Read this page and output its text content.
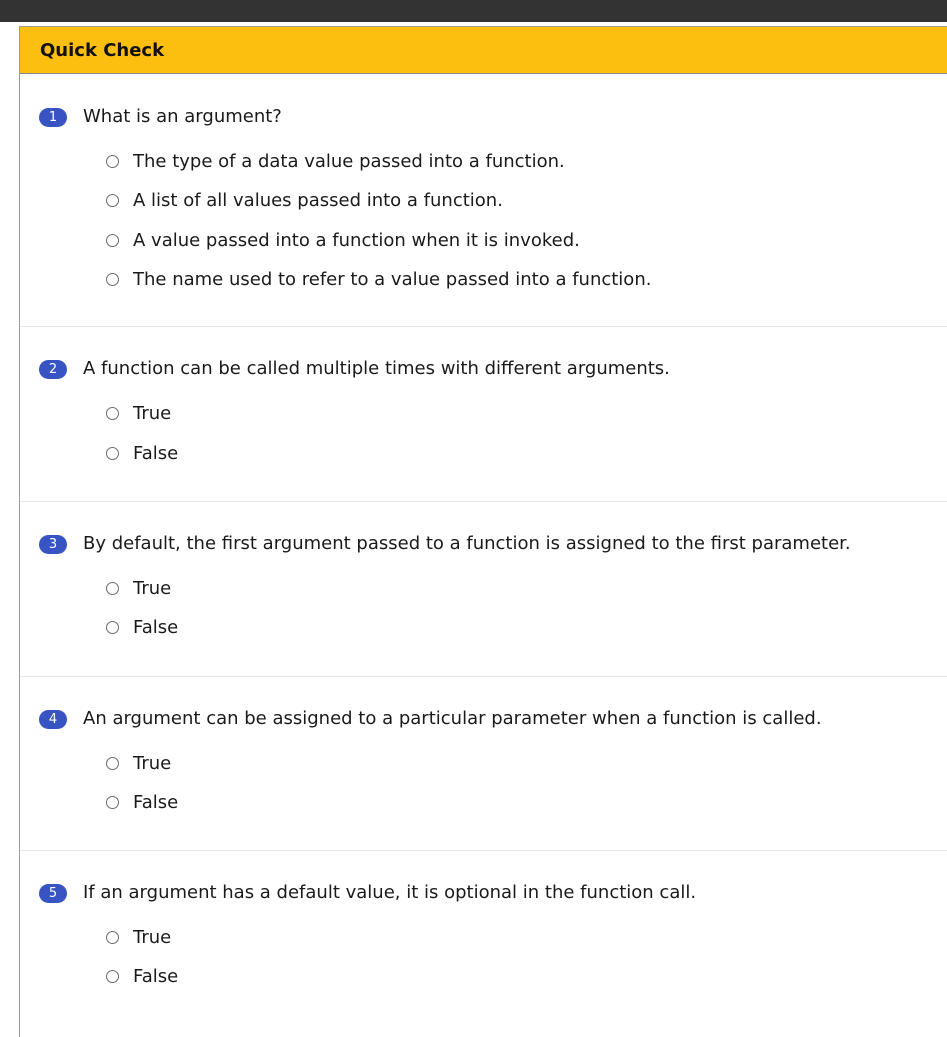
Quick Check
1	What is an argument?
The type of a data value passed into a function.
A list of all values passed into a function.
A value passed into a function when it is invoked.
The name used to refer to a value passed into a function.
2	A function can be called multiple times with different arguments.
True
False
3	By default, the first argument passed to a function is assigned to the first parameter.
True
False
4	An argument can be assigned to a particular parameter when a function is called.
True
False
5	If an argument has a default value, it is optional in the function call.
True
False
